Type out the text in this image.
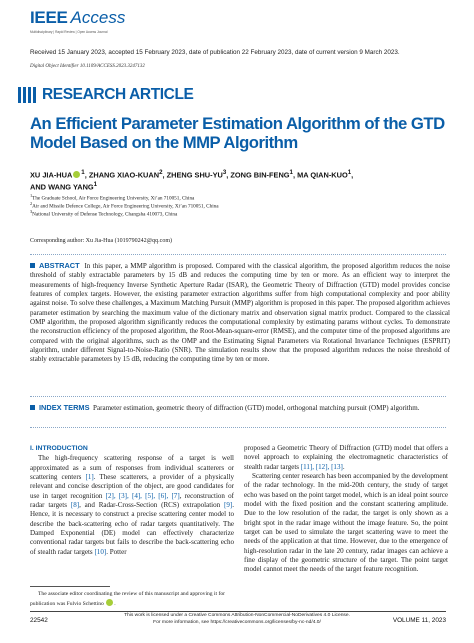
IEEE Access
Multidisciplinary | Rapid Review | Open Access Journal
Received 15 January 2023, accepted 15 February 2023, date of publication 22 February 2023, date of current version 9 March 2023.
Digital Object Identifier 10.1109/ACCESS.2023.3247132
RESEARCH ARTICLE
An Efficient Parameter Estimation Algorithm of the GTD Model Based on the MMP Algorithm
XU JIA-HUA $^1$, ZHANG XIAO-KUAN$^2$, ZHENG SHU-$YU^3$, ZONG BIN-FENG$^1$, MA QIAN-KUO$^1$,
AND WANG YANG$^1$
$^1$The Graduate School, Air Force Engineering University, Xi’an 710051, China
$^2$Air and Missile Defence College, Air Force Engineering University, Xi’an 710051, China
$^3$National University of Defense Technology, Changsha 410073, China
Corresponding author: Xu Jia-Hua (1019790242@qq.com)
ABSTRACT In this paper, a MMP algorithm is proposed. Compared with the classical algorithm, the proposed algorithm reduces the noise threshold of stably extractable parameters by 15 dB and reduces the computing time by ten or more. As an efficient way to interpret the measurements of high-frequency Inverse Synthetic Aperture Radar (ISAR), the Geometric Theory of Diffraction (GTD) model provides concise features of complex targets. However, the existing parameter extraction algorithms suffer from high computational complexity and poor ability against noise. To solve these challenges, a Maximum Matching Pursuit (MMP) algorithm is proposed in this paper. The proposed algorithm achieves parameter estimation by searching the maximum value of the dictionary matrix and observation signal matrix product. Compared to the classical OMP algorithm, the proposed algorithm significantly reduces the computational complexity by estimating params without cycles. To demonstrate the reconstruction efficiency of the proposed algorithm, the Root-Mean-square-error (RMSE), and the computer time of the proposed algorithms are compared with the original algorithms, such as the OMP and the Estimating Signal Parameters via Rotational Invariance Techniques (ESPRIT) algorithm, under different Signal-to-Noise-Ratio (SNR). The simulation results show that the proposed algorithm reduces the noise threshold of stably extractable parameters by 15 dB, reducing the computing time by ten or more.
INDEX TERMS Parameter estimation, geometric theory of diffraction (GTD) model, orthogonal matching pursuit (OMP) algorithm.
I. INTRODUCTION

The high-frequency scattering response of a target is well approximated as a sum of responses from individual scatterers or scattering centers [1]. These scatterers, a provider of a physically relevant and concise description of the object, are good candidates for use in target recognition [2], [3], [4], [5], [6], [7], reconstruction of radar targets [8], and Radar-Cross-Section (RCS) extrapolation [9]. Hence, it is necessary to construct a precise scattering center model to describe the back-scattering echo of radar targets quantitatively. The Damped Exponential (DE) model can effectively characterize conventional radar targets but fails to describe the back-scattering echo of stealth radar targets [10]. Potter

proposed a Geometric Theory of Diffraction (GTD) model that offers a novel approach to explaining the electromagnetic characteristics of stealth radar targets [11], [12], [13].

Scattering center research has been accompanied by the development of the radar technology. In the mid-20th century, the study of target echo was based on the point target model, which is an ideal point source model with the fixed position and the constant scattering amplitude. Due to the low resolution of the radar, the target is only shown as a bright spot in the radar image without the image feature. So, the point target can be used to simulate the target scattering wave to meet the needs of the application at that time. However, due to the emergence of high-resolution radar in the late 20 century, radar images can achieve a fine display of the geometric structure of the target. The point target model cannot meet the needs of the target feature recognition.

The associate editor coordinating the review of this manuscript and approving it for publication was Fulvio Schettino .
22542
This work is licensed under a Creative Commons Attribution-NonCommercial-NoDerivatives 4.0 License.
For more information, see https://creativecommons.org/licenses/by-nc-nd/4.0/	VOLUME 11, 2023
